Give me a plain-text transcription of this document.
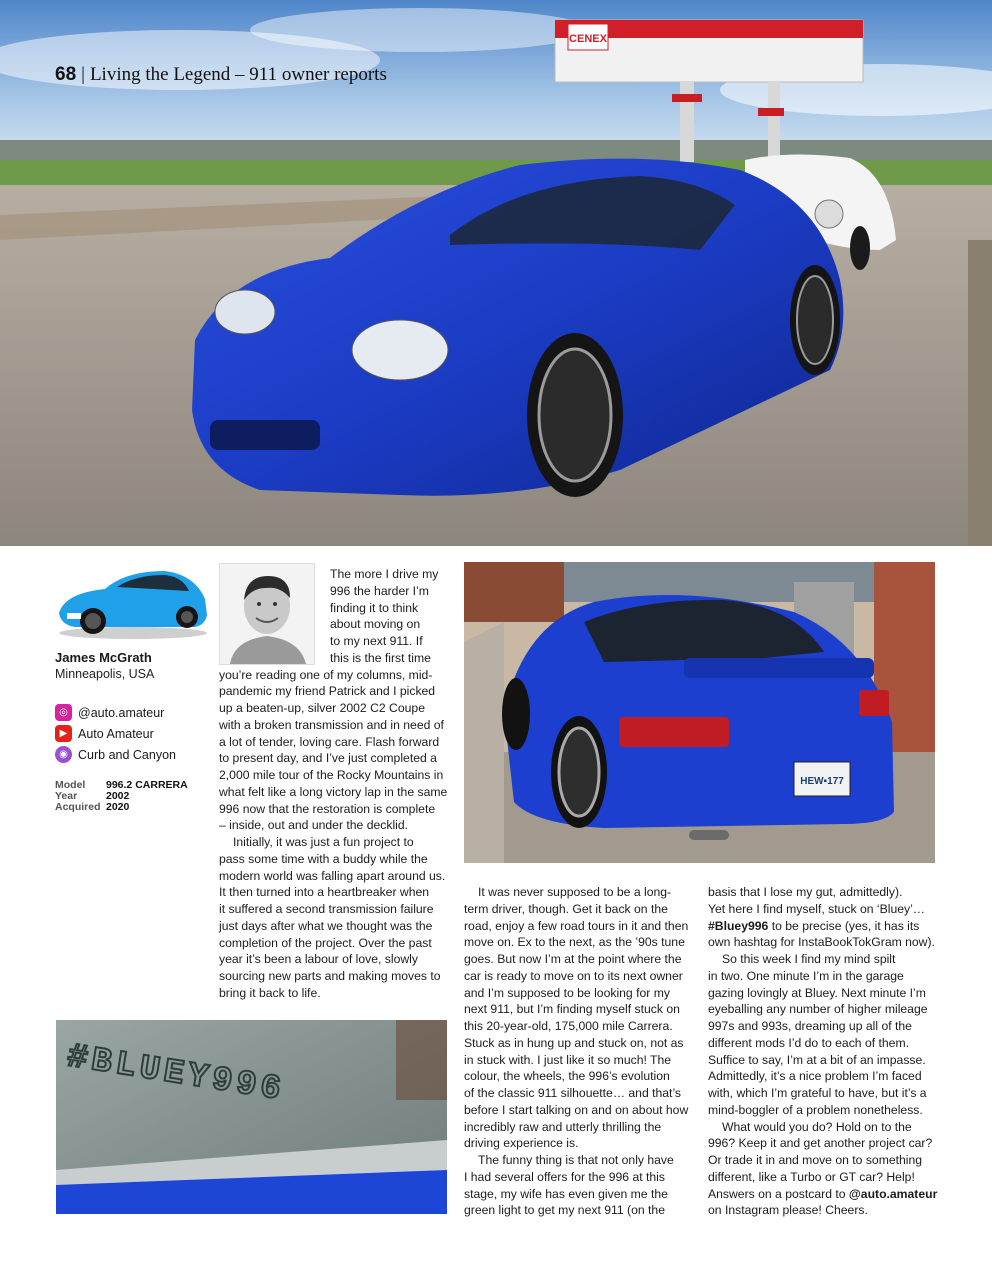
CENEX
68 | Living the Legend – 911 owner reports
James McGrath
Minneapolis, USA
◎ @auto.amateur
▶ Auto Amateur
◉ Curb and Canyon
Model	996.2 CARRERA
Year	2002
Acquired 2020
The more I drive my
996 the harder I’m
finding it to think
about moving on
to my next 911. If
this is the first time
you’re reading one of my columns, mid-
pandemic my friend Patrick and I picked
up a beaten-up, silver 2002 C2 Coupe
with a broken transmission and in need of
a lot of tender, loving care. Flash forward
to present day, and I’ve just completed a
2,000 mile tour of the Rocky Mountains in
what felt like a long victory lap in the same
996 now that the restoration is complete
– inside, out and under the decklid.
Initially, it was just a fun project to
pass some time with a buddy while the
modern world was falling apart around us.
It then turned into a heartbreaker when
it suffered a second transmission failure
just days after what we thought was the
completion of the project. Over the past
year it’s been a labour of love, slowly
sourcing new parts and making moves to
bring it back to life.
HEW▪177
It was never supposed to be a long-
term driver, though. Get it back on the
road, enjoy a few road tours in it and then
move on. Ex to the next, as the ’90s tune
goes. But now I’m at the point where the
car is ready to move on to its next owner
and I’m supposed to be looking for my
next 911, but I’m finding myself stuck on
this 20-year-old, 175,000 mile Carrera.
Stuck as in hung up and stuck on, not as
in stuck with. I just like it so much! The
colour, the wheels, the 996’s evolution
of the classic 911 silhouette… and that’s
before I start talking on and on about how
incredibly raw and utterly thrilling the
driving experience is.
The funny thing is that not only have
I had several offers for the 996 at this
stage, my wife has even given me the
green light to get my next 911 (on the
basis that I lose my gut, admittedly).
Yet here I find myself, stuck on ‘Bluey’…
#Bluey996 to be precise (yes, it has its
own hashtag for InstaBookTokGram now).
So this week I find my mind spilt
in two. One minute I’m in the garage
gazing lovingly at Bluey. Next minute I’m
eyeballing any number of higher mileage
997s and 993s, dreaming up all of the
different mods I’d do to each of them.
Suffice to say, I’m at a bit of an impasse.
Admittedly, it’s a nice problem I’m faced
with, which I’m grateful to have, but it’s a
mind-boggler of a problem nonetheless.
What would you do? Hold on to the
996? Keep it and get another project car?
Or trade it in and move on to something
different, like a Turbo or GT car? Help!
Answers on a postcard to @auto.amateur
on Instagram please! Cheers.
#BLUEY996
